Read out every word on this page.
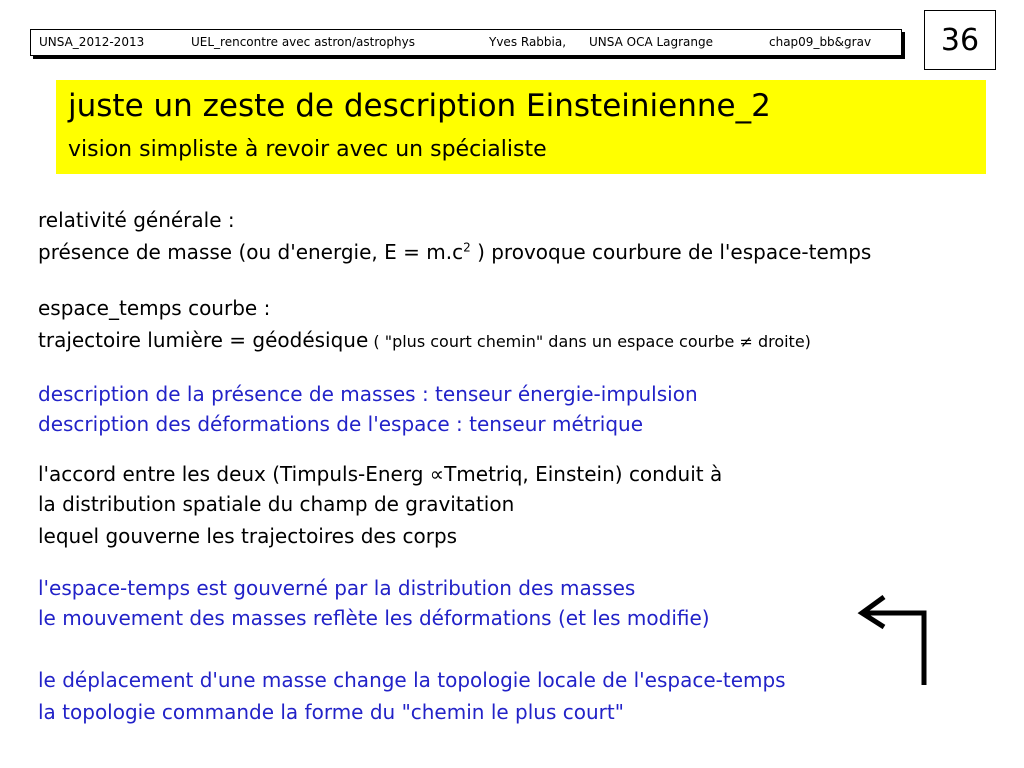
UNSA_2012-2013	UEL_rencontre avec astron/astrophys	Yves Rabbia, UNSA OCA Lagrange	chap09_bb&grav	36
juste un zeste de description Einsteinienne_2
vision simpliste à revoir avec un spécialiste
relativité générale :
présence de masse (ou d'energie, $E = m.c^2$ ) provoque courbure de l'espace-temps
espace_temps courbe :
trajectoire lumière = géodésique ( "plus court chemin" dans un espace courbe ≠ droite)
description de la présence de masses : tenseur énergie-impulsion
description des déformations de l'espace : tenseur métrique
l'accord entre les deux (Timpuls-Energ ∝Tmetriq, Einstein) conduit à
la distribution spatiale du champ de gravitation
lequel gouverne les trajectoires des corps
l'espace-temps est gouverné par la distribution des masses
le mouvement des masses reflète les déformations (et les modifie)
le déplacement d'une masse change la topologie locale de l'espace-temps
la topologie commande la forme du "chemin le plus court"
